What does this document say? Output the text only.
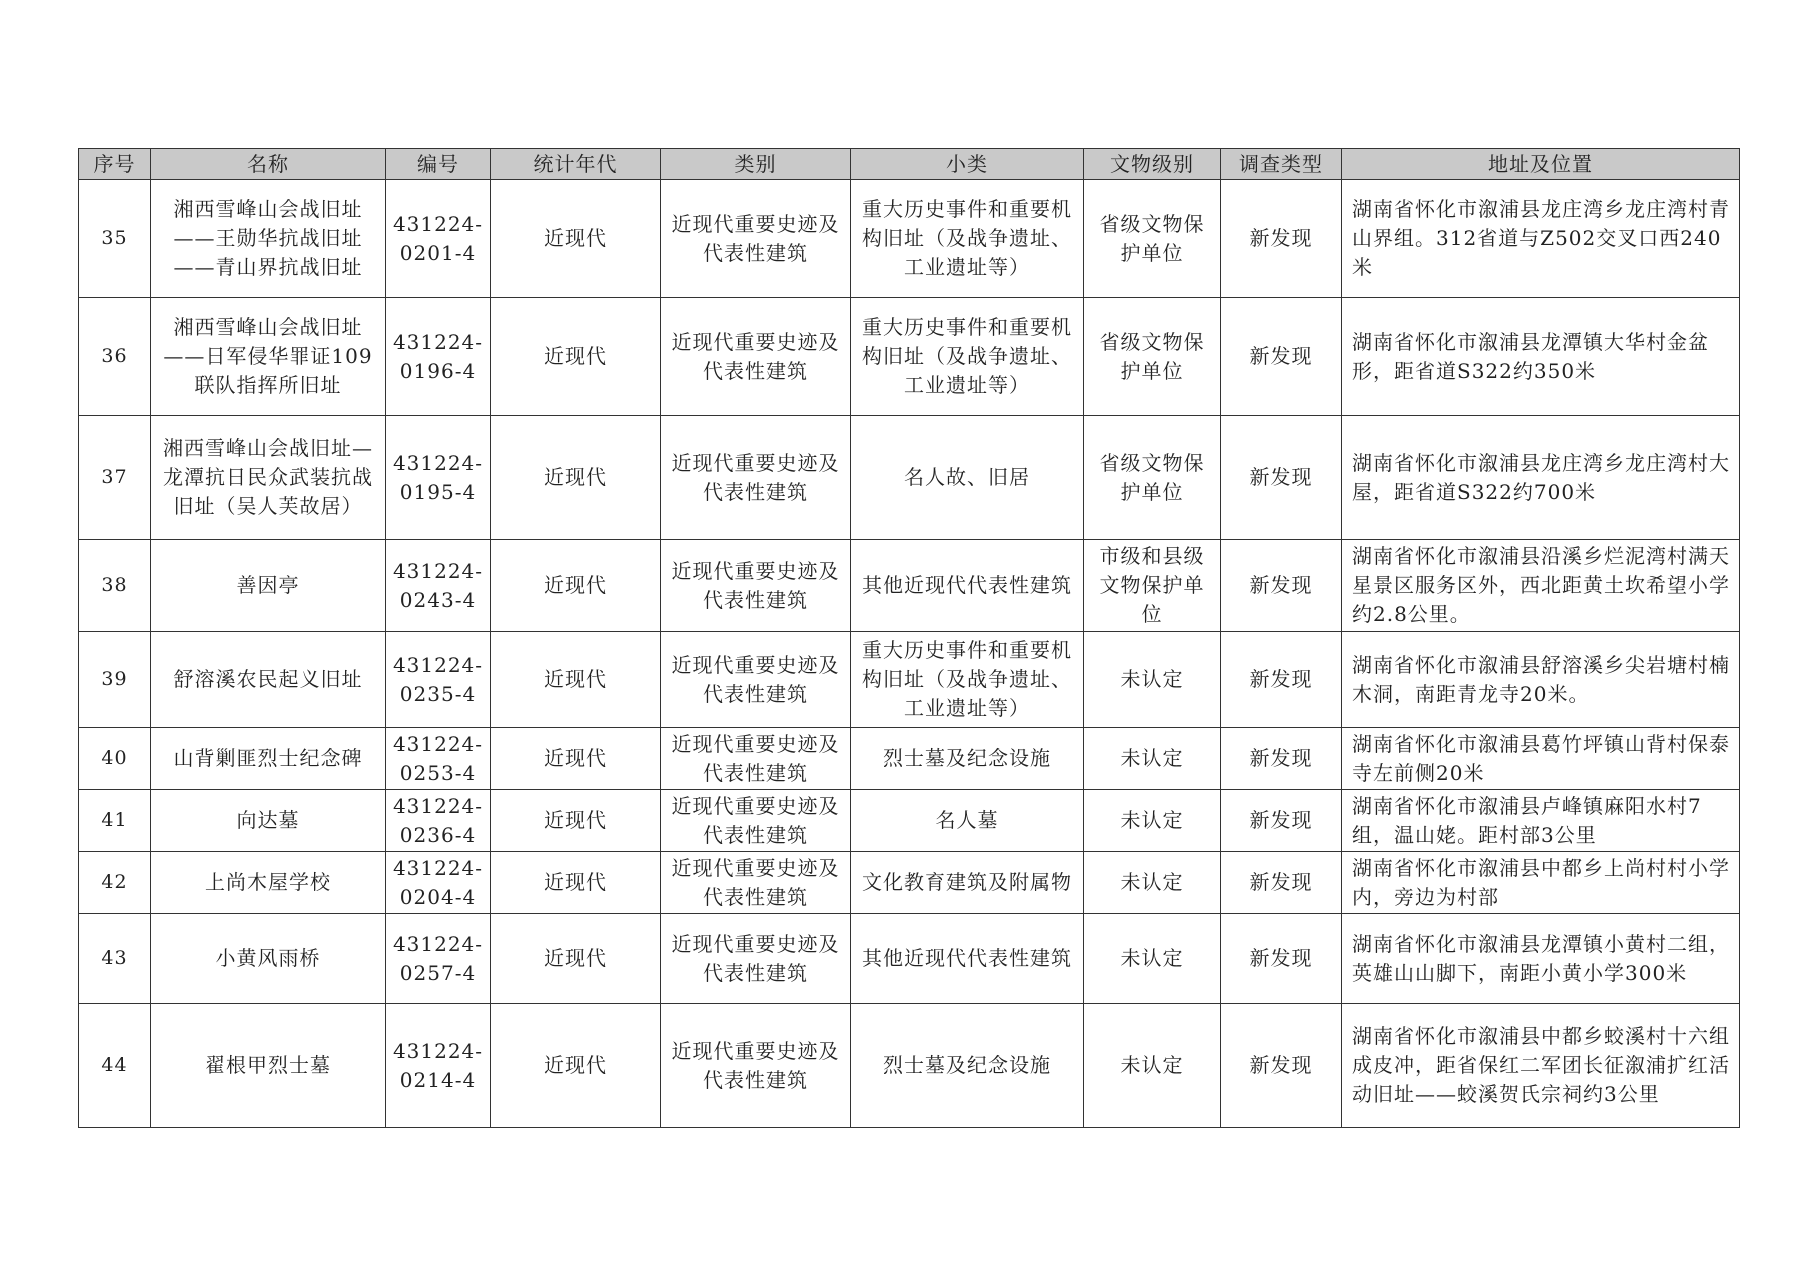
序号	名称	编号	统计年代	类别	小类	文物级别	调查类型	地址及位置
35	湘西雪峰山会战旧址——王勋华抗战旧址——青山界抗战旧址	431224-0201-4	近现代	近现代重要史迹及代表性建筑	重大历史事件和重要机构旧址（及战争遗址、工业遗址等）	省级文物保护单位	新发现	湖南省怀化市溆浦县龙庄湾乡龙庄湾村青山界组。312省道与Z502交叉口西240米
36	湘西雪峰山会战旧址——日军侵华罪证109联队指挥所旧址	431224-0196-4	近现代	近现代重要史迹及代表性建筑	重大历史事件和重要机构旧址（及战争遗址、工业遗址等）	省级文物保护单位	新发现	湖南省怀化市溆浦县龙潭镇大华村金盆形，距省道S322约350米
37	湘西雪峰山会战旧址—龙潭抗日民众武装抗战旧址（吴人芙故居）	431224-0195-4	近现代	近现代重要史迹及代表性建筑	名人故、旧居	省级文物保护单位	新发现	湖南省怀化市溆浦县龙庄湾乡龙庄湾村大屋，距省道S322约700米
38	善因亭	431224-0243-4	近现代	近现代重要史迹及代表性建筑	其他近现代代表性建筑	市级和县级文物保护单位	新发现	湖南省怀化市溆浦县沿溪乡烂泥湾村满天星景区服务区外，西北距黄土坎希望小学约2.8公里。
39	舒溶溪农民起义旧址	431224-0235-4	近现代	近现代重要史迹及代表性建筑	重大历史事件和重要机构旧址（及战争遗址、工业遗址等）	未认定	新发现	湖南省怀化市溆浦县舒溶溪乡尖岩塘村楠木洞，南距青龙寺20米。
40	山背剿匪烈士纪念碑	431224-0253-4	近现代	近现代重要史迹及代表性建筑	烈士墓及纪念设施	未认定	新发现	湖南省怀化市溆浦县葛竹坪镇山背村保泰寺左前侧20米
41	向达墓	431224-0236-4	近现代	近现代重要史迹及代表性建筑	名人墓	未认定	新发现	湖南省怀化市溆浦县卢峰镇麻阳水村7组，温山姥。距村部3公里
42	上尚木屋学校	431224-0204-4	近现代	近现代重要史迹及代表性建筑	文化教育建筑及附属物	未认定	新发现	湖南省怀化市溆浦县中都乡上尚村村小学内，旁边为村部
43	小黄风雨桥	431224-0257-4	近现代	近现代重要史迹及代表性建筑	其他近现代代表性建筑	未认定	新发现	湖南省怀化市溆浦县龙潭镇小黄村二组，英雄山山脚下，南距小黄小学300米
44	翟根甲烈士墓	431224-0214-4	近现代	近现代重要史迹及代表性建筑	烈士墓及纪念设施	未认定	新发现	湖南省怀化市溆浦县中都乡蛟溪村十六组成皮冲，距省保红二军团长征溆浦扩红活动旧址——蛟溪贺氏宗祠约3公里
